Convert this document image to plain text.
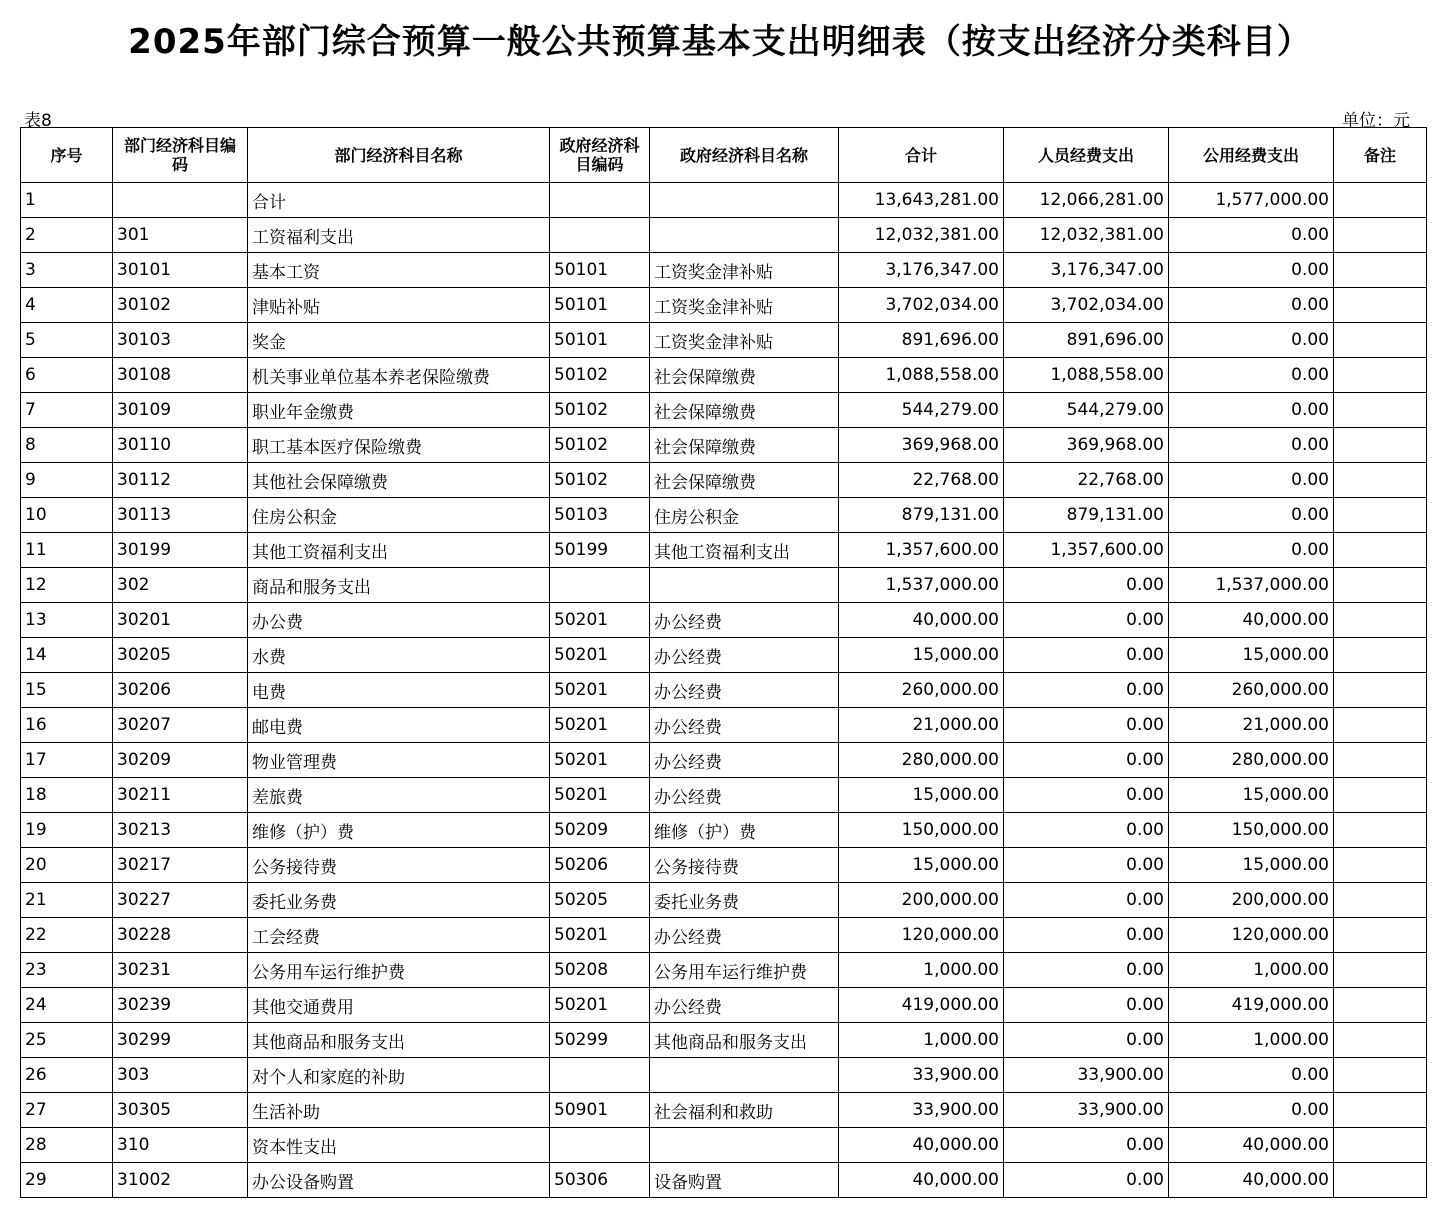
2025年部门综合预算一般公共预算基本支出明细表（按支出经济分类科目）
表8	单位：元
序号	部门经济科目编码	部门经济科目名称	政府经济科目编码	政府经济科目名称	合计	人员经费支出	公用经费支出	备注
1		合计			13,643,281.00	12,066,281.00	1,577,000.00	
2	301	工资福利支出			12,032,381.00	12,032,381.00	0.00	
3	30101	基本工资	50101	工资奖金津补贴	3,176,347.00	3,176,347.00	0.00	
4	30102	津贴补贴	50101	工资奖金津补贴	3,702,034.00	3,702,034.00	0.00	
5	30103	奖金	50101	工资奖金津补贴	891,696.00	891,696.00	0.00	
6	30108	机关事业单位基本养老保险缴费	50102	社会保障缴费	1,088,558.00	1,088,558.00	0.00	
7	30109	职业年金缴费	50102	社会保障缴费	544,279.00	544,279.00	0.00	
8	30110	职工基本医疗保险缴费	50102	社会保障缴费	369,968.00	369,968.00	0.00	
9	30112	其他社会保障缴费	50102	社会保障缴费	22,768.00	22,768.00	0.00	
10	30113	住房公积金	50103	住房公积金	879,131.00	879,131.00	0.00	
11	30199	其他工资福利支出	50199	其他工资福利支出	1,357,600.00	1,357,600.00	0.00	
12	302	商品和服务支出			1,537,000.00	0.00	1,537,000.00	
13	30201	办公费	50201	办公经费	40,000.00	0.00	40,000.00	
14	30205	水费	50201	办公经费	15,000.00	0.00	15,000.00	
15	30206	电费	50201	办公经费	260,000.00	0.00	260,000.00	
16	30207	邮电费	50201	办公经费	21,000.00	0.00	21,000.00	
17	30209	物业管理费	50201	办公经费	280,000.00	0.00	280,000.00	
18	30211	差旅费	50201	办公经费	15,000.00	0.00	15,000.00	
19	30213	维修（护）费	50209	维修（护）费	150,000.00	0.00	150,000.00	
20	30217	公务接待费	50206	公务接待费	15,000.00	0.00	15,000.00	
21	30227	委托业务费	50205	委托业务费	200,000.00	0.00	200,000.00	
22	30228	工会经费	50201	办公经费	120,000.00	0.00	120,000.00	
23	30231	公务用车运行维护费	50208	公务用车运行维护费	1,000.00	0.00	1,000.00	
24	30239	其他交通费用	50201	办公经费	419,000.00	0.00	419,000.00	
25	30299	其他商品和服务支出	50299	其他商品和服务支出	1,000.00	0.00	1,000.00	
26	303	对个人和家庭的补助			33,900.00	33,900.00	0.00	
27	30305	生活补助	50901	社会福利和救助	33,900.00	33,900.00	0.00	
28	310	资本性支出			40,000.00	0.00	40,000.00	
29	31002	办公设备购置	50306	设备购置	40,000.00	0.00	40,000.00	
